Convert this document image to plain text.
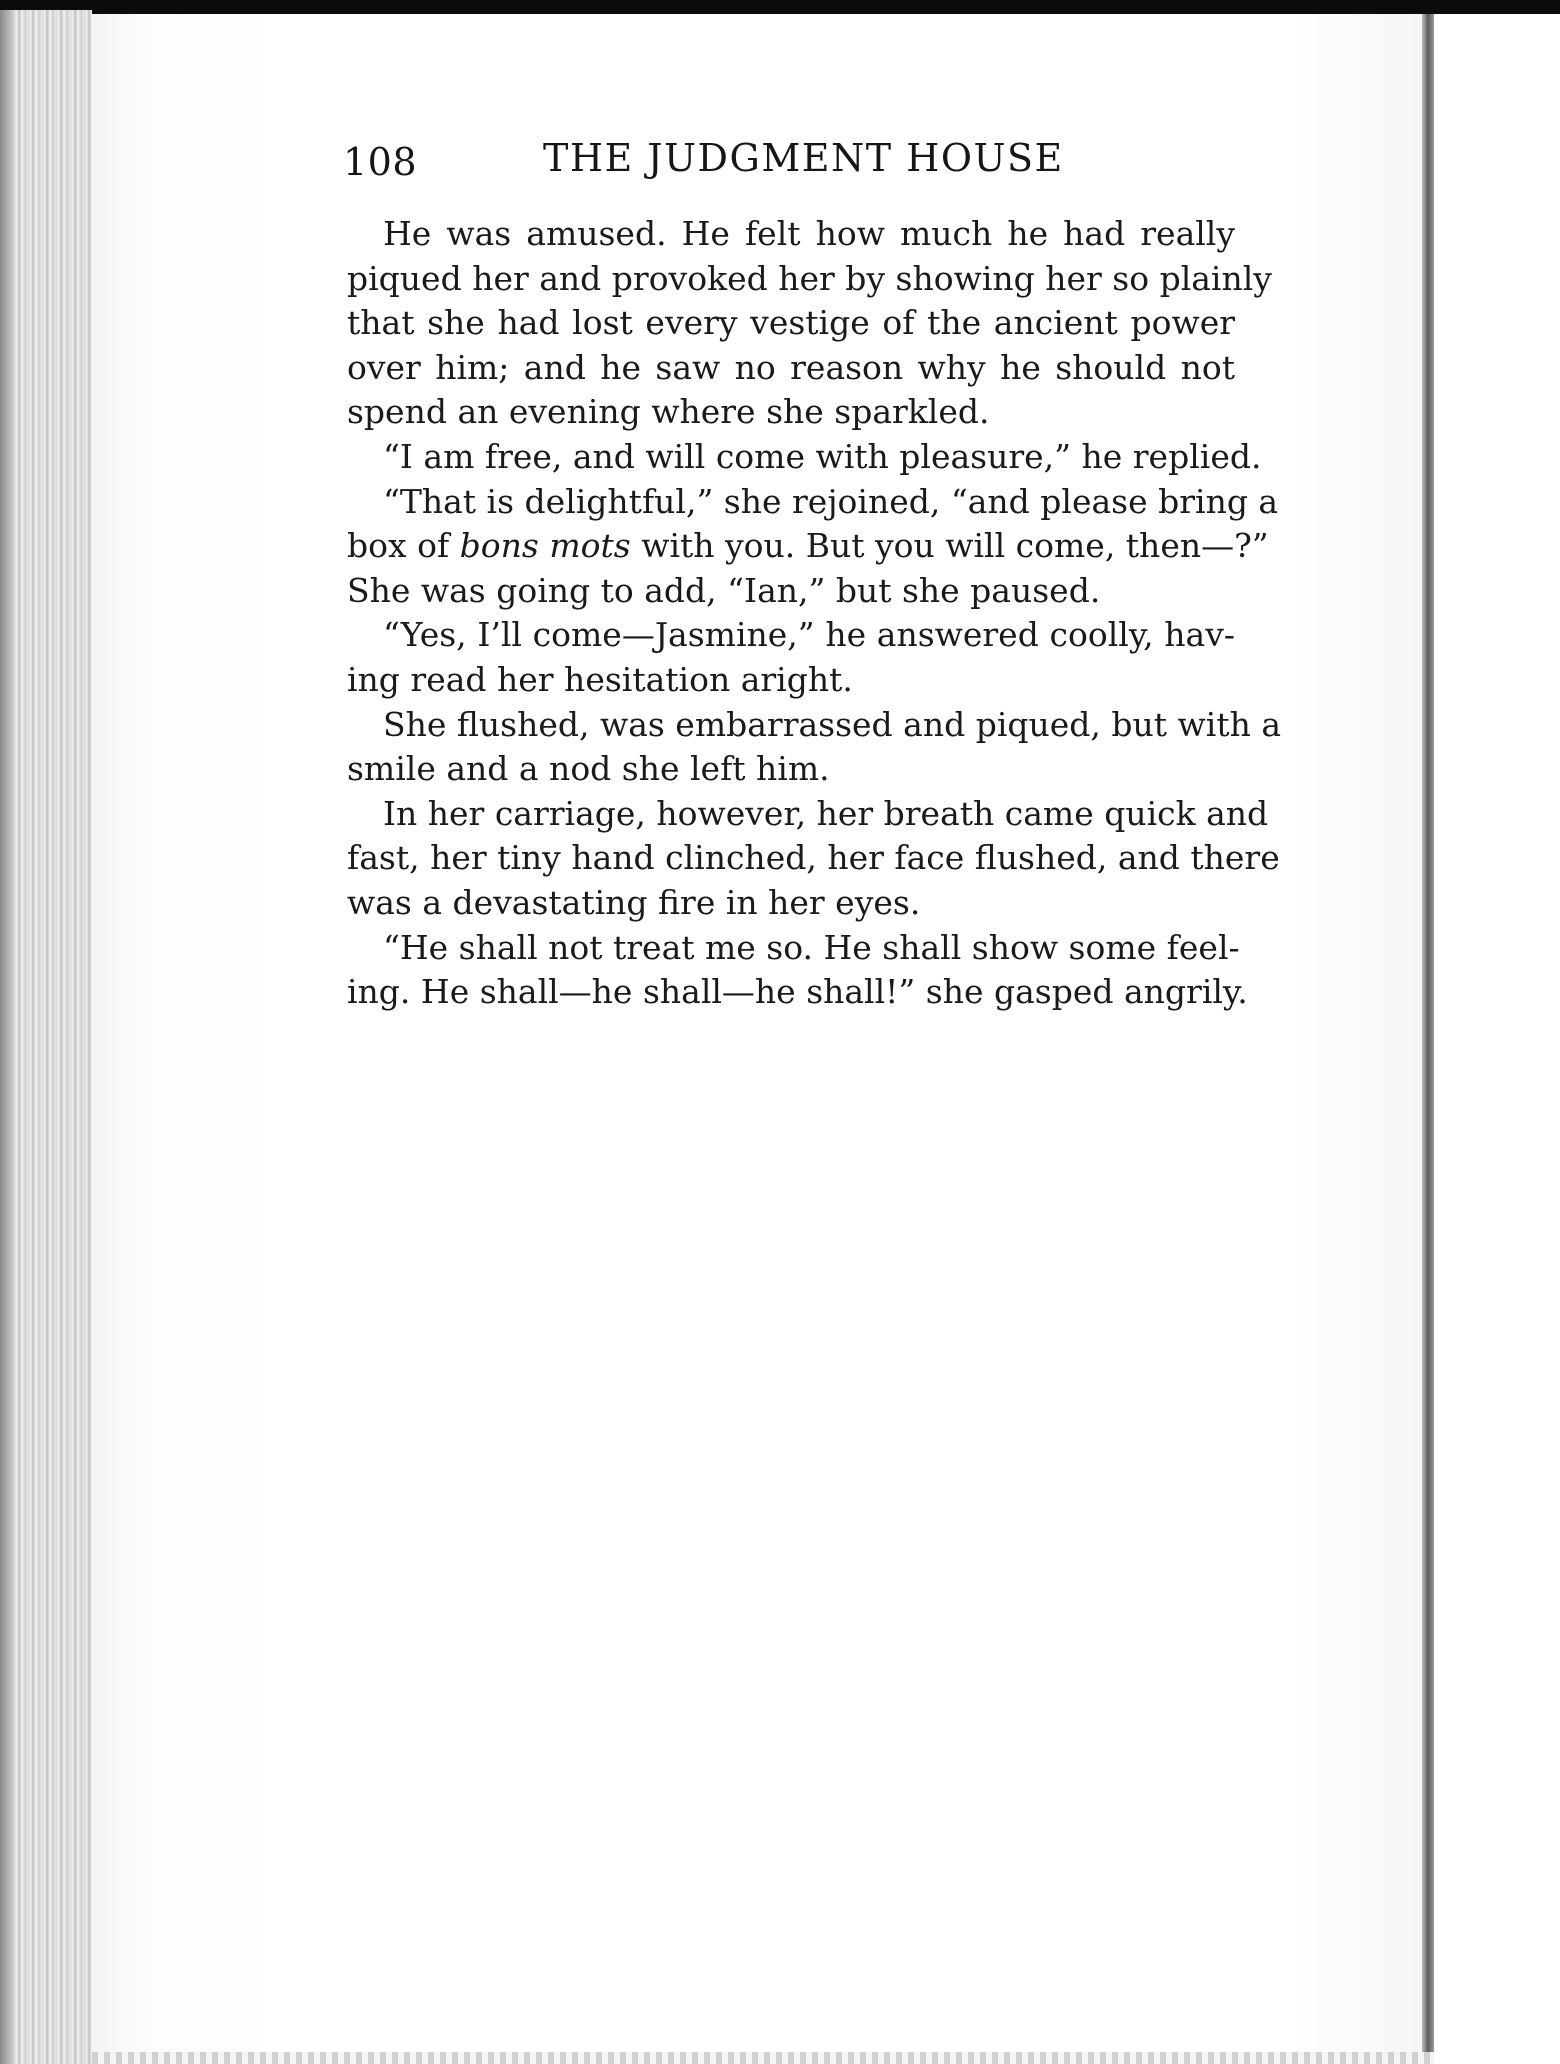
108	THE JUDGMENT HOUSE
He was amused. He felt how much he had really
piqued her and provoked her by showing her so plainly
that she had lost every vestige of the ancient power
over him; and he saw no reason why he should not
spend an evening where she sparkled.
“I am free, and will come with pleasure,” he replied.
“That is delightful,” she rejoined, “and please bring a
box of bons mots with you. But you will come, then—?”
She was going to add, “Ian,” but she paused.
“Yes, I’ll come—Jasmine,” he answered coolly, hav-
ing read her hesitation aright.
She flushed, was embarrassed and piqued, but with a
smile and a nod she left him.
In her carriage, however, her breath came quick and
fast, her tiny hand clinched, her face flushed, and there
was a devastating fire in her eyes.
“He shall not treat me so. He shall show some feel-
ing. He shall—he shall—he shall!” she gasped angrily.
